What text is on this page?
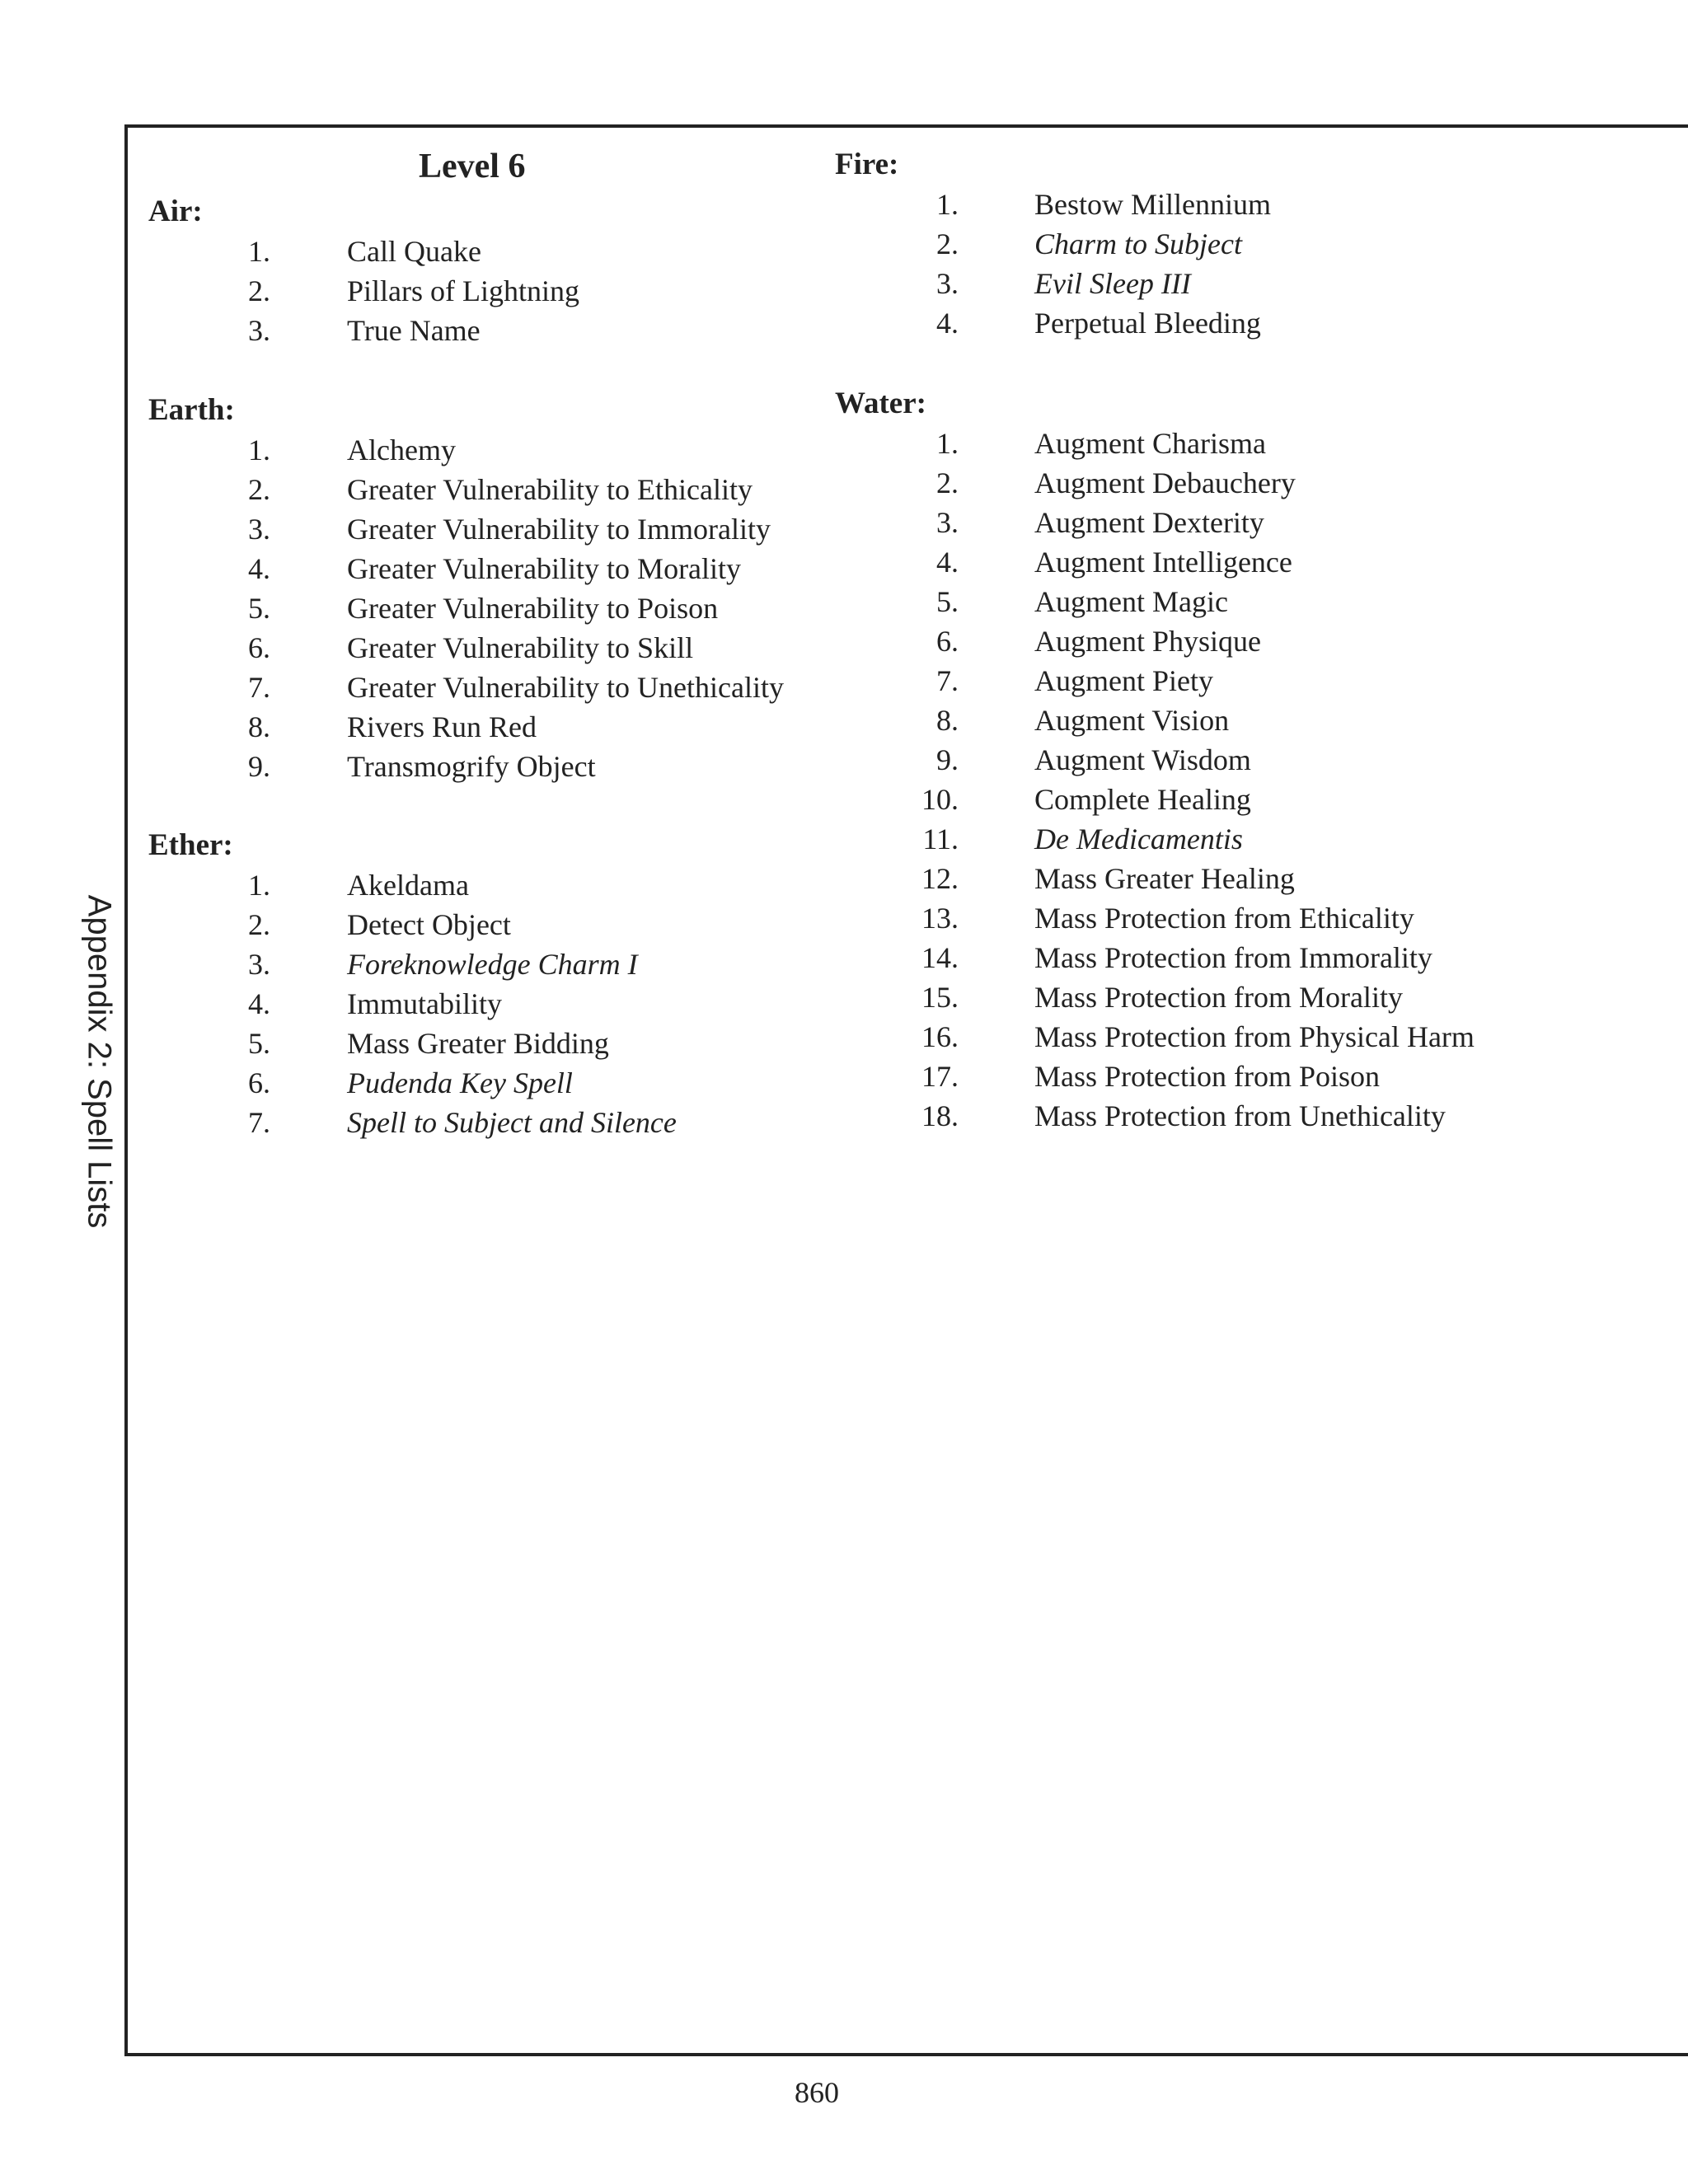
Appendix 2: Spell Lists
Level 6
Air:
1.	Call Quake
2.	Pillars of Lightning
3.	True Name
Earth:
1.	Alchemy
2.	Greater Vulnerability to Ethicality
3.	Greater Vulnerability to Immorality
4.	Greater Vulnerability to Morality
5.	Greater Vulnerability to Poison
6.	Greater Vulnerability to Skill
7.	Greater Vulnerability to Unethicality
8.	Rivers Run Red
9.	Transmogrify Object
Ether:
1.	Akeldama
2.	Detect Object
3.	Foreknowledge Charm I
4.	Immutability
5.	Mass Greater Bidding
6.	Pudenda Key Spell
7.	Spell to Subject and Silence
Fire:
1.	Bestow Millennium
2.	Charm to Subject
3.	Evil Sleep III
4.	Perpetual Bleeding
Water:
1.	Augment Charisma
2.	Augment Debauchery
3.	Augment Dexterity
4.	Augment Intelligence
5.	Augment Magic
6.	Augment Physique
7.	Augment Piety
8.	Augment Vision
9.	Augment Wisdom
10.	Complete Healing
11.	De Medicamentis
12.	Mass Greater Healing
13.	Mass Protection from Ethicality
14.	Mass Protection from Immorality
15.	Mass Protection from Morality
16.	Mass Protection from Physical Harm
17.	Mass Protection from Poison
18.	Mass Protection from Unethicality
860
